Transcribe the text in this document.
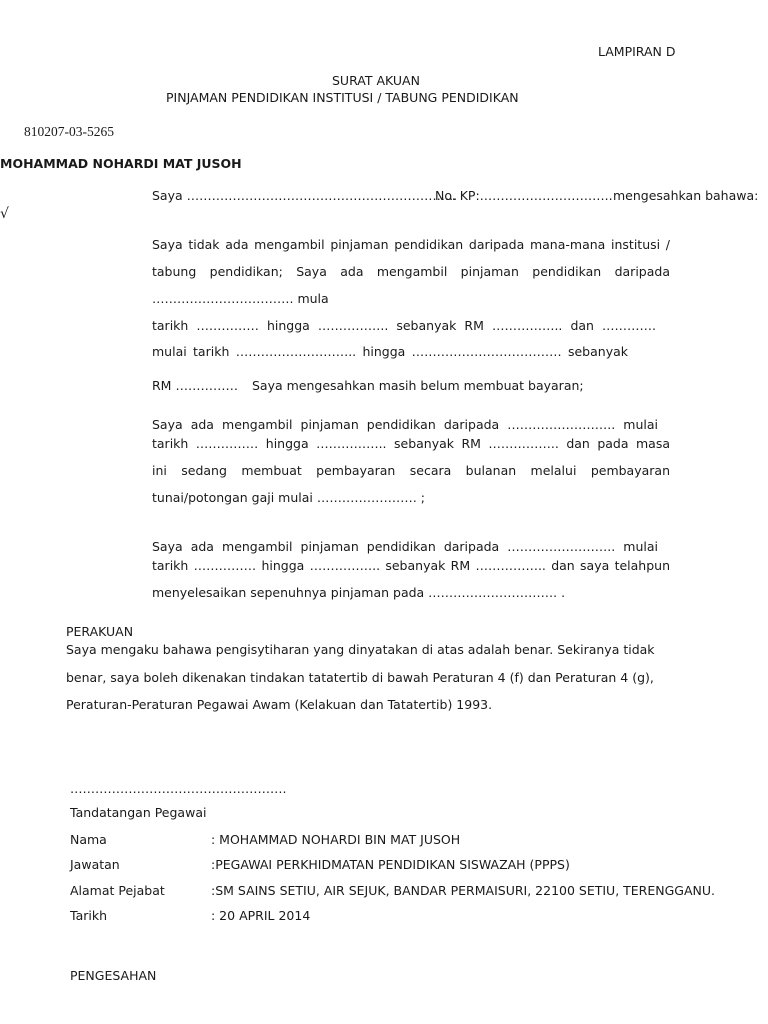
LAMPIRAN D
SURAT AKUAN
PINJAMAN PENDIDIKAN INSTITUSI / TABUNG PENDIDIKAN
810207-03-5265
MOHAMMAD NOHARDI MAT JUSOH
√
Saya ………………………………………………………..
No. KP:………………………….. mengesahkan bahawa:
Saya tidak ada mengambil pinjaman pendidikan daripada mana-mana institusi /
tabung pendidikan; Saya ada mengambil pinjaman pendidikan daripada
……………………………. mula
tarikh …………… hingga …………….. sebanyak RM …………….. dan ………….
mulai tarikh ……………………….. hingga ……………………………… sebanyak
RM …………… Saya mengesahkan masih belum membuat bayaran;
Saya ada mengambil pinjaman pendidikan daripada …………………….. mulai
tarikh …………… hingga …………….. sebanyak RM …………….. dan pada masa
ini sedang membuat pembayaran secara bulanan melalui pembayaran
tunai/potongan gaji mulai …………………… ;
Saya ada mengambil pinjaman pendidikan daripada …………………….. mulai
tarikh …………… hingga …………….. sebanyak RM …………….. dan saya telahpun
menyelesaikan sepenuhnya pinjaman pada …………………………. .
PERAKUAN
Saya mengaku bahawa pengisytiharan yang dinyatakan di atas adalah benar. Sekiranya tidak
benar, saya boleh dikenakan tindakan tatatertib di bawah Peraturan 4 (f) dan Peraturan 4 (g),
Peraturan-Peraturan Pegawai Awam (Kelakuan dan Tatatertib) 1993.
…………………………………………….
Tandatangan Pegawai
Nama	: MOHAMMAD NOHARDI BIN MAT JUSOH
Jawatan	:PEGAWAI PERKHIDMATAN PENDIDIKAN SISWAZAH (PPPS)
Alamat Pejabat	:SM SAINS SETIU, AIR SEJUK, BANDAR PERMAISURI, 22100 SETIU, TERENGGANU.
Tarikh	: 20 APRIL 2014
PENGESAHAN
